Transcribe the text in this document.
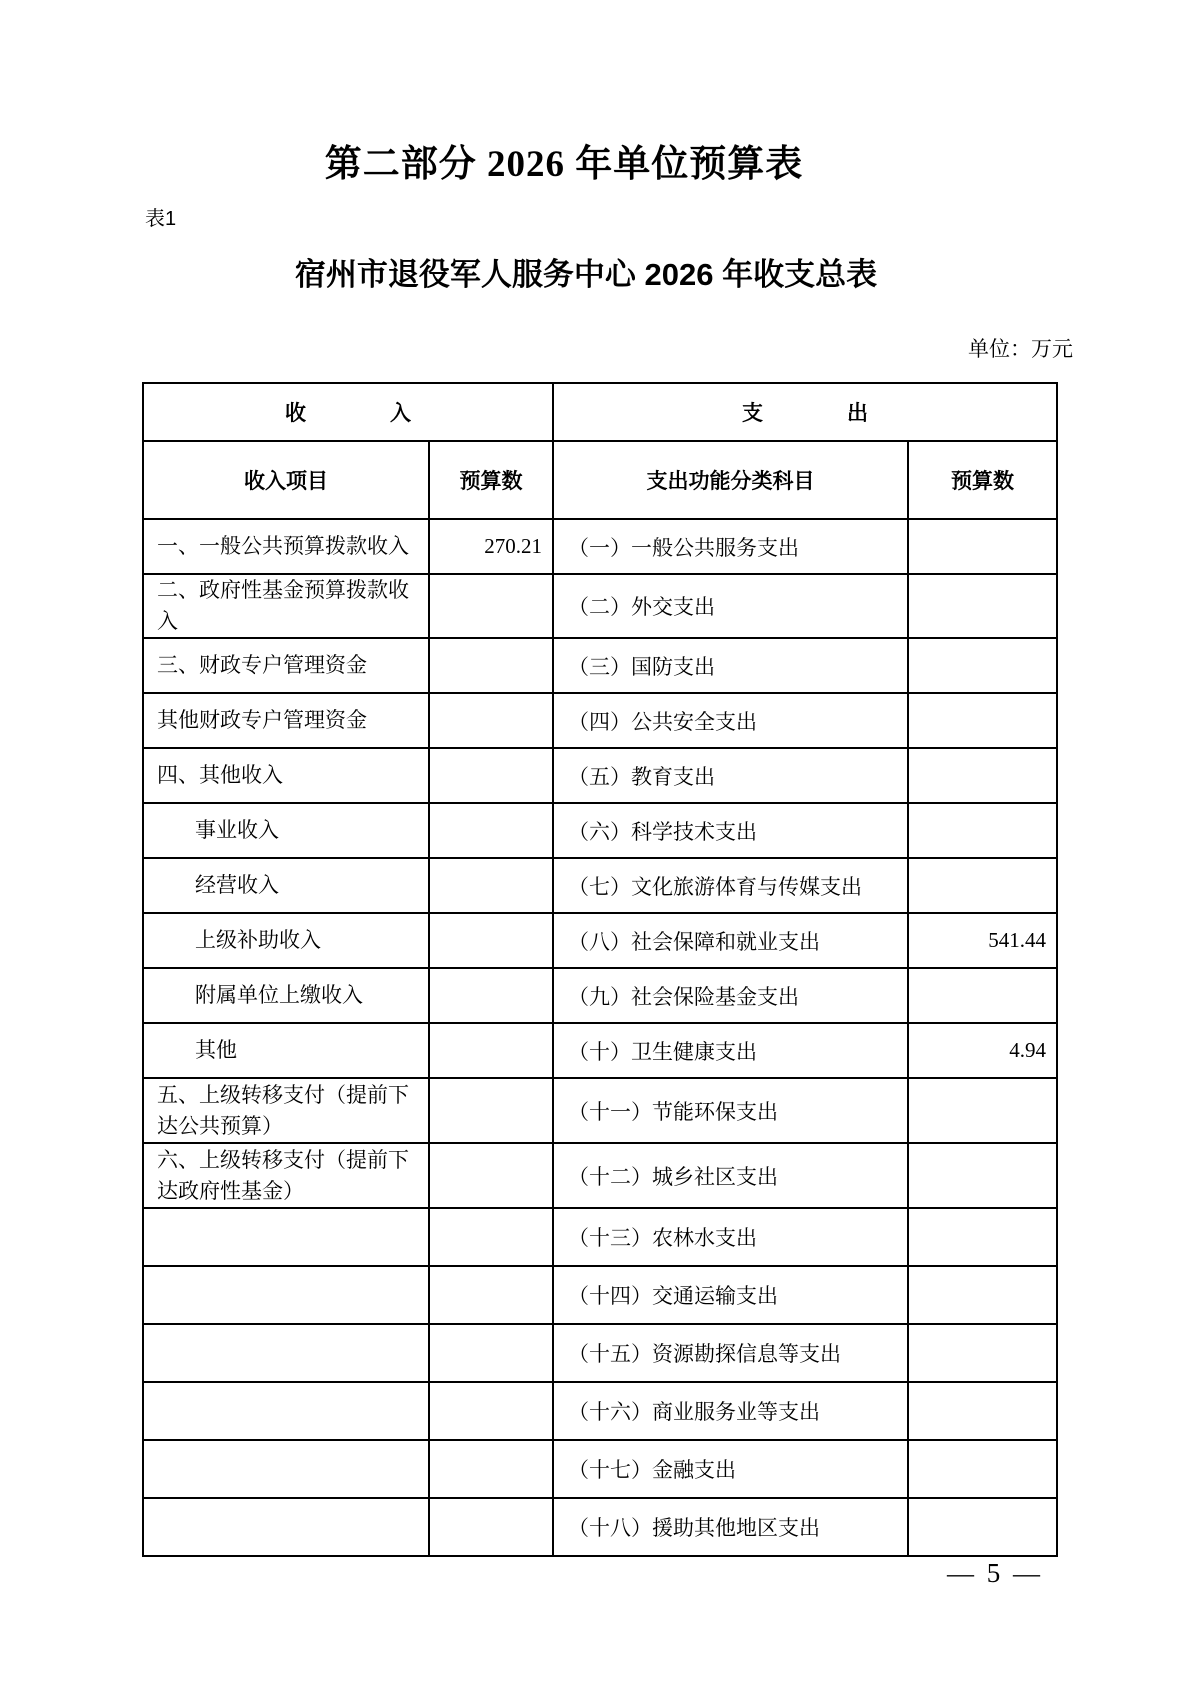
第二部分 2026 年单位预算表
表1
宿州市退役军人服务中心 2026 年收支总表
单位：万元
收入		支出	
收入项目	预算数	支出功能分类科目	预算数
一、一般公共预算拨款收入	270.21	（一）一般公共服务支出	
二、政府性基金预算拨款收入		（二）外交支出	
三、财政专户管理资金		（三）国防支出	
其他财政专户管理资金		（四）公共安全支出	
四、其他收入		（五）教育支出	
事业收入		（六）科学技术支出	
经营收入		（七）文化旅游体育与传媒支出	
上级补助收入		（八）社会保障和就业支出	541.44
附属单位上缴收入		（九）社会保险基金支出	
其他		（十）卫生健康支出	4.94
五、上级转移支付（提前下达公共预算）		（十一）节能环保支出	
六、上级转移支付（提前下达政府性基金）		（十二）城乡社区支出	
		（十三）农林水支出	
		（十四）交通运输支出	
		（十五）资源勘探信息等支出	
		（十六）商业服务业等支出	
		（十七）金融支出	
		（十八）援助其他地区支出	
— 5 —
